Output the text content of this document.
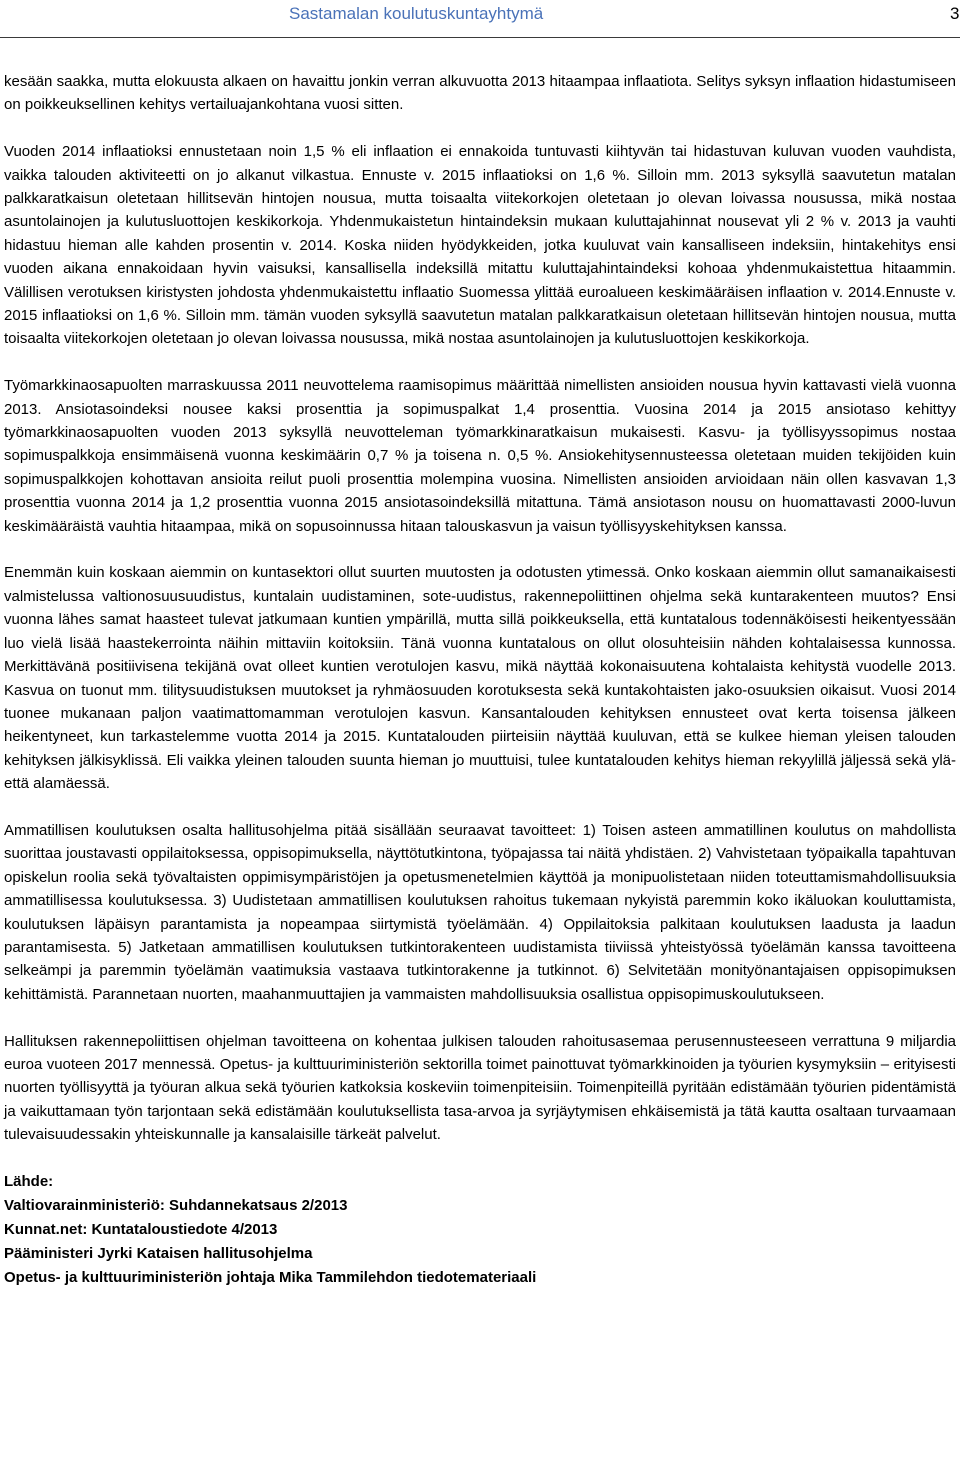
Sastamalan koulutuskuntayhtymä	3

kesään saakka, mutta elokuusta alkaen on havaittu jonkin verran alkuvuotta 2013 hitaampaa inflaatiota. Selitys syksyn inflaation hidastumiseen on poikkeuksellinen kehitys vertailuajankohtana vuosi sitten.

Vuoden 2014 inflaatioksi ennustetaan noin 1,5 % eli inflaation ei ennakoida tuntuvasti kiihtyvän tai hidastuvan kuluvan vuoden vauhdista, vaikka talouden aktiviteetti on jo alkanut vilkastua. Ennuste v. 2015 inflaatioksi on 1,6 %. Silloin mm. 2013 syksyllä saavutetun matalan palkkaratkaisun oletetaan hillitsevän hintojen nousua, mutta toisaalta viitekorkojen oletetaan jo olevan loivassa nousussa, mikä nostaa asuntolainojen ja kulutusluottojen keskikorkoja. Yhdenmukaistetun hintaindeksin mukaan kuluttajahinnat nousevat yli 2 % v. 2013 ja vauhti hidastuu hieman alle kahden prosentin v. 2014. Koska niiden hyödykkeiden, jotka kuuluvat vain kansalliseen indeksiin, hintakehitys ensi vuoden aikana ennakoidaan hyvin vaisuksi, kansallisella indeksillä mitattu kuluttajahintaindeksi kohoaa yhdenmukaistettua hitaammin. Välillisen verotuksen kiristysten johdosta yhdenmukaistettu inflaatio Suomessa ylittää euroalueen keskimääräisen inflaation v. 2014.Ennuste v. 2015 inflaatioksi on 1,6 %. Silloin mm. tämän vuoden syksyllä saavutetun matalan palkkaratkaisun oletetaan hillitsevän hintojen nousua, mutta toisaalta viitekorkojen oletetaan jo olevan loivassa nousussa, mikä nostaa asuntolainojen ja kulutusluottojen keskikorkoja.

Työmarkkinaosapuolten marraskuussa 2011 neuvottelema raamisopimus määrittää nimellisten ansioiden nousua hyvin kattavasti vielä vuonna 2013. Ansiotasoindeksi nousee kaksi prosenttia ja sopimuspalkat 1,4 prosenttia. Vuosina 2014 ja 2015 ansiotaso kehittyy työmarkkinaosapuolten vuoden 2013 syksyllä neuvotteleman työmarkkinaratkaisun mukaisesti. Kasvu- ja työllisyyssopimus nostaa sopimuspalkkoja ensimmäisenä vuonna keskimäärin 0,7 % ja toisena n. 0,5 %. Ansiokehitysennusteessa oletetaan muiden tekijöiden kuin sopimuspalkkojen kohottavan ansioita reilut puoli prosenttia molempina vuosina. Nimellisten ansioiden arvioidaan näin ollen kasvavan 1,3 prosenttia vuonna 2014 ja 1,2 prosenttia vuonna 2015 ansiotasoindeksillä mitattuna. Tämä ansiotason nousu on huomattavasti 2000-luvun keskimääräistä vauhtia hitaampaa, mikä on sopusoinnussa hitaan talouskasvun ja vaisun työllisyyskehityksen kanssa.

Enemmän kuin koskaan aiemmin on kuntasektori ollut suurten muutosten ja odotusten ytimessä. Onko koskaan aiemmin ollut samanaikaisesti valmistelussa valtionosuusuudistus, kuntalain uudistaminen, sote-uudistus, rakennepoliittinen ohjelma sekä kuntarakenteen muutos? Ensi vuonna lähes samat haasteet tulevat jatkumaan kuntien ympärillä, mutta sillä poikkeuksella, että kuntatalous todennäköisesti heikentyessään luo vielä lisää haastekerrointa näihin mittaviin koitoksiin. Tänä vuonna kuntatalous on ollut olosuhteisiin nähden kohtalaisessa kunnossa. Merkittävänä positiivisena tekijänä ovat olleet kuntien verotulojen kasvu, mikä näyttää kokonaisuutena kohtalaista kehitystä vuodelle 2013. Kasvua on tuonut mm. tilitysuudistuksen muutokset ja ryhmäosuuden korotuksesta sekä kuntakohtaisten jako-osuuksien oikaisut. Vuosi 2014 tuonee mukanaan paljon vaatimattomamman verotulojen kasvun. Kansantalouden kehityksen ennusteet ovat kerta toisensa jälkeen heikentyneet, kun tarkastelemme vuotta 2014 ja 2015. Kuntatalouden piirteisiin näyttää kuuluvan, että se kulkee hieman yleisen talouden kehityksen jälkisyklissä. Eli vaikka yleinen talouden suunta hieman jo muuttuisi, tulee kuntatalouden kehitys hieman rekyylillä jäljessä sekä ylä- että alamäessä.

Ammatillisen koulutuksen osalta hallitusohjelma pitää sisällään seuraavat tavoitteet: 1) Toisen asteen ammatillinen koulutus on mahdollista suorittaa joustavasti oppilaitoksessa, oppisopimuksella, näyttötutkintona, työpajassa tai näitä yhdistäen. 2) Vahvistetaan työpaikalla tapahtuvan opiskelun roolia sekä työvaltaisten oppimisympäristöjen ja opetusmenetelmien käyttöä ja monipuolistetaan niiden toteuttamismahdollisuuksia ammatillisessa koulutuksessa. 3) Uudistetaan ammatillisen koulutuksen rahoitus tukemaan nykyistä paremmin koko ikäluokan kouluttamista, koulutuksen läpäisyn parantamista ja nopeampaa siirtymistä työelämään. 4) Oppilaitoksia palkitaan koulutuksen laadusta ja laadun parantamisesta. 5) Jatketaan ammatillisen koulutuksen tutkintorakenteen uudistamista tiiviissä yhteistyössä työelämän kanssa tavoitteena selkeämpi ja paremmin työelämän vaatimuksia vastaava tutkintorakenne ja tutkinnot. 6) Selvitetään monityönantajaisen oppisopimuksen kehittämistä. Parannetaan nuorten, maahanmuuttajien ja vammaisten mahdollisuuksia osallistua oppisopimuskoulutukseen.

Hallituksen rakennepoliittisen ohjelman tavoitteena on kohentaa julkisen talouden rahoitusasemaa perusennusteeseen verrattuna 9 miljardia euroa vuoteen 2017 mennessä. Opetus- ja kulttuuriministeriön sektorilla toimet painottuvat työmarkkinoiden ja työurien kysymyksiin – erityisesti nuorten työllisyyttä ja työuran alkua sekä työurien katkoksia koskeviin toimenpiteisiin. Toimenpiteillä pyritään edistämään työurien pidentämistä ja vaikuttamaan työn tarjontaan sekä edistämään koulutuksellista tasa-arvoa ja syrjäytymisen ehkäisemistä ja tätä kautta osaltaan turvaamaan tulevaisuudessakin yhteiskunnalle ja kansalaisille tärkeät palvelut.

Lähde:
Valtiovarainministeriö: Suhdannekatsaus 2/2013
Kunnat.net: Kuntataloustiedote 4/2013
Pääministeri Jyrki Kataisen hallitusohjelma
Opetus- ja kulttuuriministeriön johtaja Mika Tammilehdon tiedotemateriaali
